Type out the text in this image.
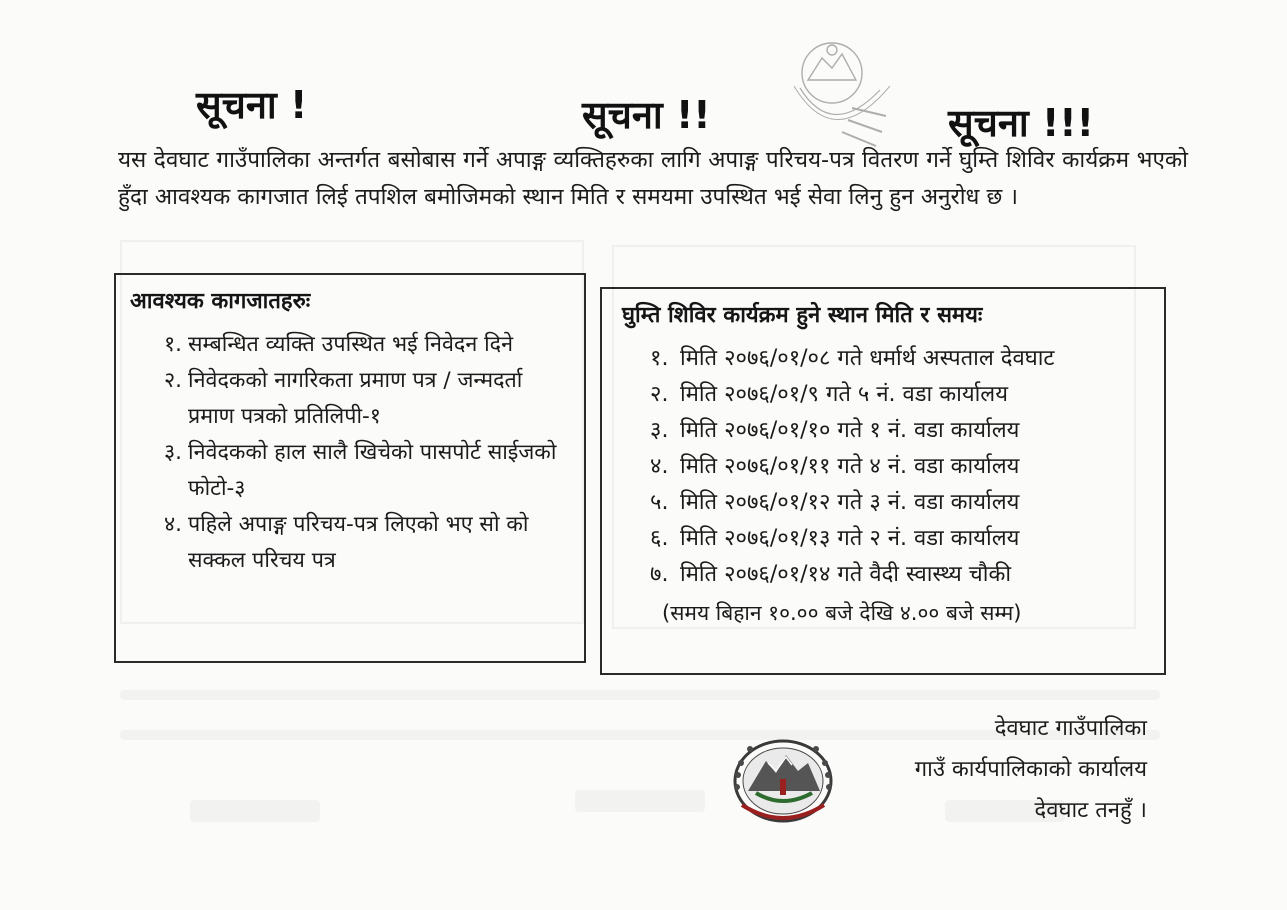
सूचना !	सूचना !!	सूचना !!!
यस देवघाट गाउँपालिका अन्तर्गत बसोबास गर्ने अपाङ्ग व्यक्तिहरुका लागि अपाङ्ग परिचय-पत्र वितरण गर्ने घुम्ति शिविर कार्यक्रम भएको हुँदा आवश्यक कागजात लिई तपशिल बमोजिमको स्थान मिति र समयमा उपस्थित भई सेवा लिनु हुन अनुरोध छ ।
आवश्यक कागजातहरुः
१. सम्बन्धित व्यक्ति उपस्थित भई निवेदन दिने
२. निवेदकको नागरिकता प्रमाण पत्र / जन्मदर्ता प्रमाण पत्रको प्रतिलिपी-१
३. निवेदकको हाल सालै खिचेको पासपोर्ट साईजको फोटो-३
४. पहिले अपाङ्ग परिचय-पत्र लिएको भए सो को सक्कल परिचय पत्र
घुम्ति शिविर कार्यक्रम हुने स्थान मिति र समयः
१. मिति २०७६/०१/०८ गते धर्मार्थ अस्पताल देवघाट
२. मिति २०७६/०१/९ गते ५ नं. वडा कार्यालय
३. मिति २०७६/०१/१० गते १ नं. वडा कार्यालय
४. मिति २०७६/०१/११ गते ४ नं. वडा कार्यालय
५. मिति २०७६/०१/१२ गते ३ नं. वडा कार्यालय
६. मिति २०७६/०१/१३ गते २ नं. वडा कार्यालय
७. मिति २०७६/०१/१४ गते वैदी स्वास्थ्य चौकी
(समय बिहान १०.०० बजे देखि ४.०० बजे सम्म)
देवघाट गाउँपालिका
गाउँ कार्यपालिकाको कार्यालय
देवघाट तनहुँ ।
